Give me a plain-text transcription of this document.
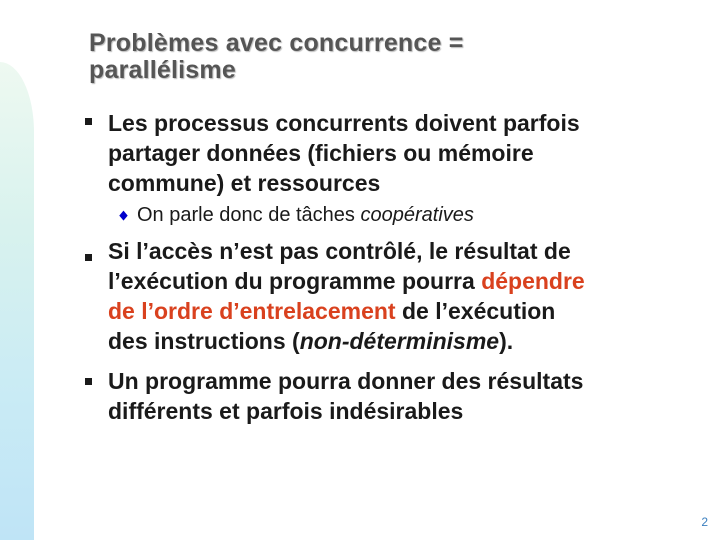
Problèmes avec concurrence =
parallélisme
Les processus concurrents doivent parfois
partager données (fichiers ou mémoire
commune) et ressources
◆ On parle donc de tâches coopératives
Si l’accès n’est pas contrôlé, le résultat de
l’exécution du programme pourra dépendre
de l’ordre d’entrelacement de l’exécution
des instructions (non-déterminisme).
Un programme pourra donner des résultats
différents et parfois indésirables
2
